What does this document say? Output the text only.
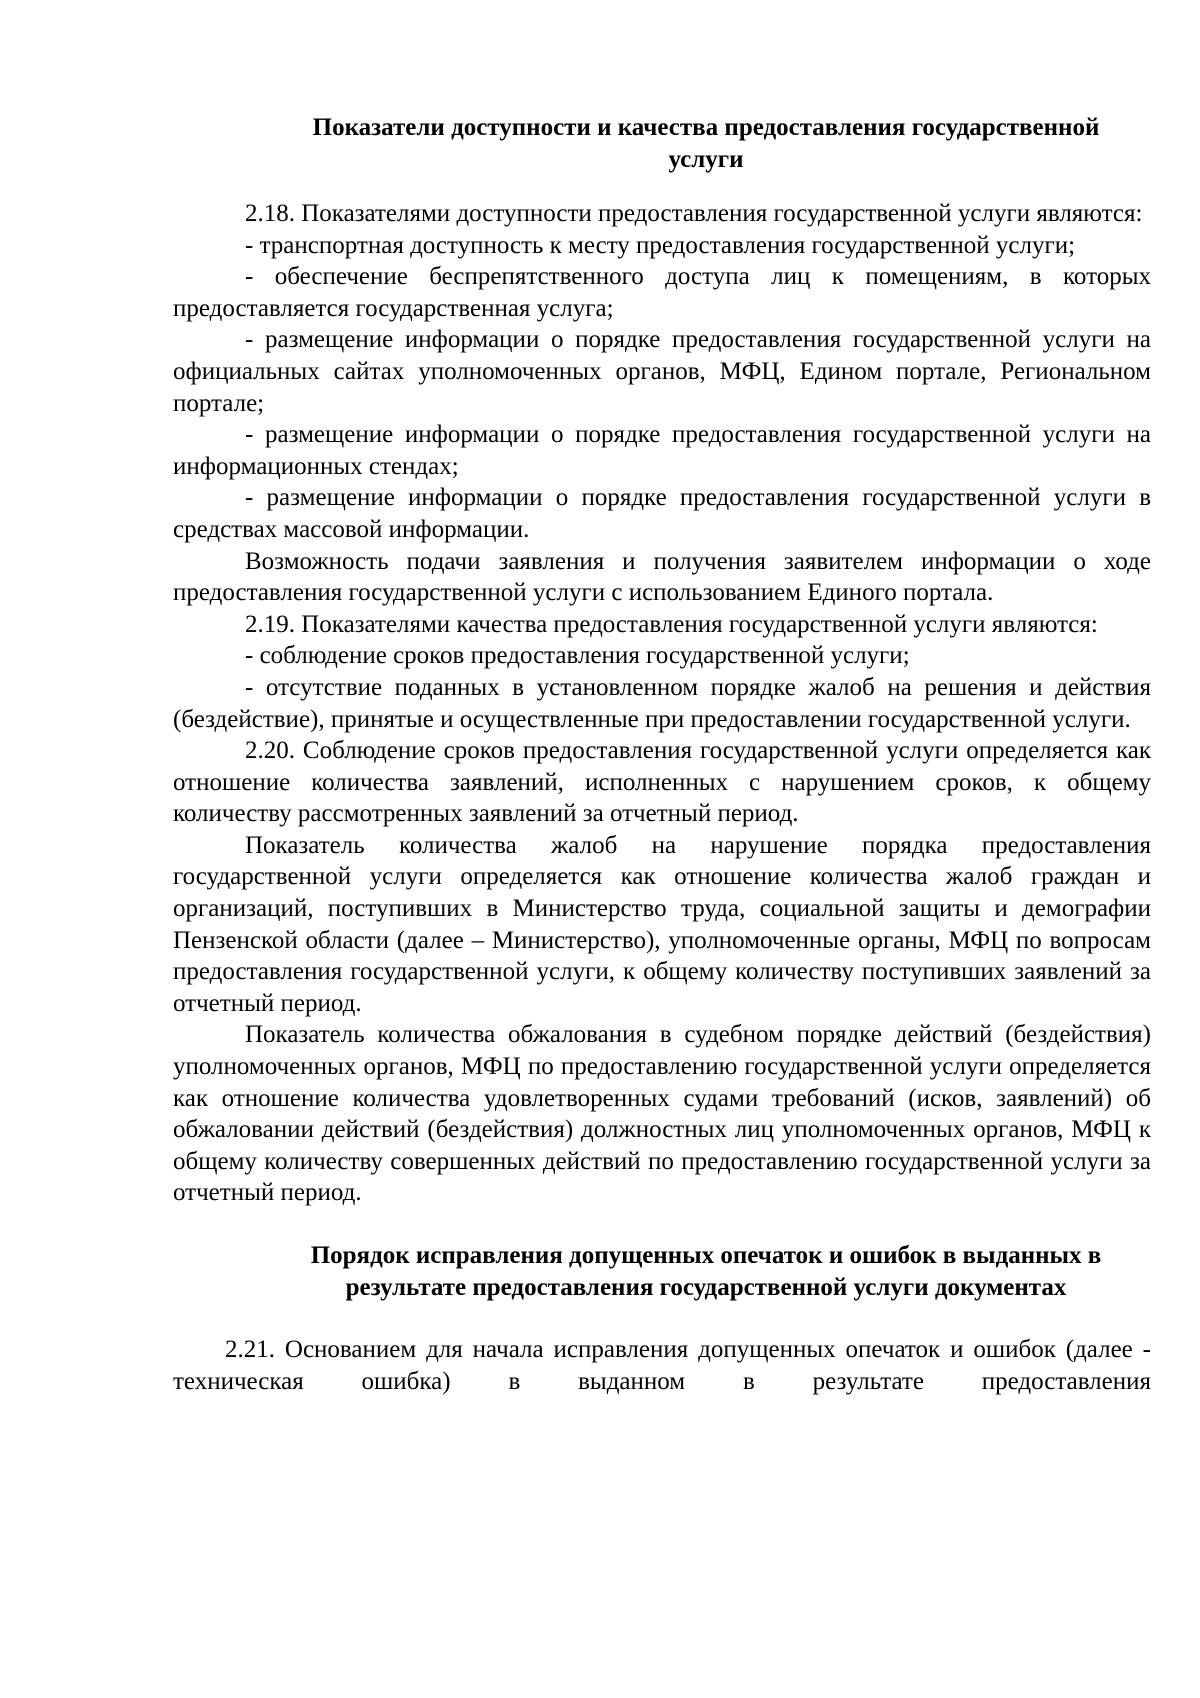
Показатели доступности и качества предоставления государственной
услуги

2.18. Показателями доступности предоставления государственной услуги являются:

- транспортная доступность к месту предоставления государственной услуги;

- обеспечение беспрепятственного доступа лиц к помещениям, в которых предоставляется государственная услуга;

- размещение информации о порядке предоставления государственной услуги на официальных сайтах уполномоченных органов, МФЦ, Едином портале, Региональном портале;

- размещение информации о порядке предоставления государственной услуги на информационных стендах;

- размещение информации о порядке предоставления государственной услуги в средствах массовой информации.

Возможность подачи заявления и получения заявителем информации о ходе предоставления государственной услуги с использованием Единого портала.

2.19. Показателями качества предоставления государственной услуги являются:

- соблюдение сроков предоставления государственной услуги;

- отсутствие поданных в установленном порядке жалоб на решения и действия (бездействие), принятые и осуществленные при предоставлении государственной услуги.

2.20. Соблюдение сроков предоставления государственной услуги определяется как отношение количества заявлений, исполненных с нарушением сроков, к общему количеству рассмотренных заявлений за отчетный период.

Показатель количества жалоб на нарушение порядка предоставления государственной услуги определяется как отношение количества жалоб граждан и организаций, поступивших в Министерство труда, социальной защиты и демографии Пензенской области (далее – Министерство), уполномоченные органы, МФЦ по вопросам предоставления государственной услуги, к общему количеству поступивших заявлений за отчетный период.

Показатель количества обжалования в судебном порядке действий (бездействия) уполномоченных органов, МФЦ по предоставлению государственной услуги определяется как отношение количества удовлетворенных судами требований (исков, заявлений) об обжаловании действий (бездействия) должностных лиц уполномоченных органов, МФЦ к общему количеству совершенных действий по предоставлению государственной услуги за отчетный период.

Порядок исправления допущенных опечаток и ошибок в выданных в
результате предоставления государственной услуги документах

2.21. Основанием для начала исправления допущенных опечаток и ошибок (далее - техническая ошибка) в выданном в результате предоставления
